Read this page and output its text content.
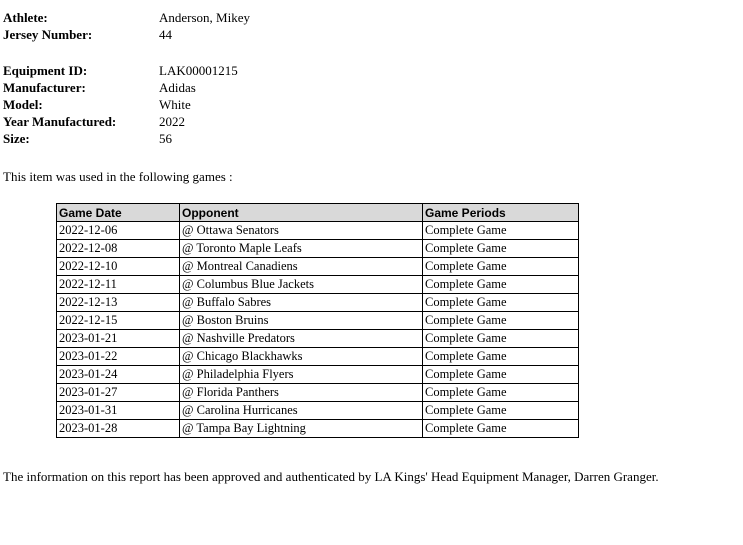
Athlete:	Anderson, Mikey
Jersey Number:	44
Equipment ID:	LAK00001215
Manufacturer:	Adidas
Model:	White
Year Manufactured:	2022
Size:	56
This item was used in the following games :
Game Date	Opponent	Game Periods
2022-12-06	@ Ottawa Senators	Complete Game
2022-12-08	@ Toronto Maple Leafs	Complete Game
2022-12-10	@ Montreal Canadiens	Complete Game
2022-12-11	@ Columbus Blue Jackets	Complete Game
2022-12-13	@ Buffalo Sabres	Complete Game
2022-12-15	@ Boston Bruins	Complete Game
2023-01-21	@ Nashville Predators	Complete Game
2023-01-22	@ Chicago Blackhawks	Complete Game
2023-01-24	@ Philadelphia Flyers	Complete Game
2023-01-27	@ Florida Panthers	Complete Game
2023-01-31	@ Carolina Hurricanes	Complete Game
2023-01-28	@ Tampa Bay Lightning	Complete Game
The information on this report has been approved and authenticated by LA Kings' Head Equipment Manager, Darren Granger.
